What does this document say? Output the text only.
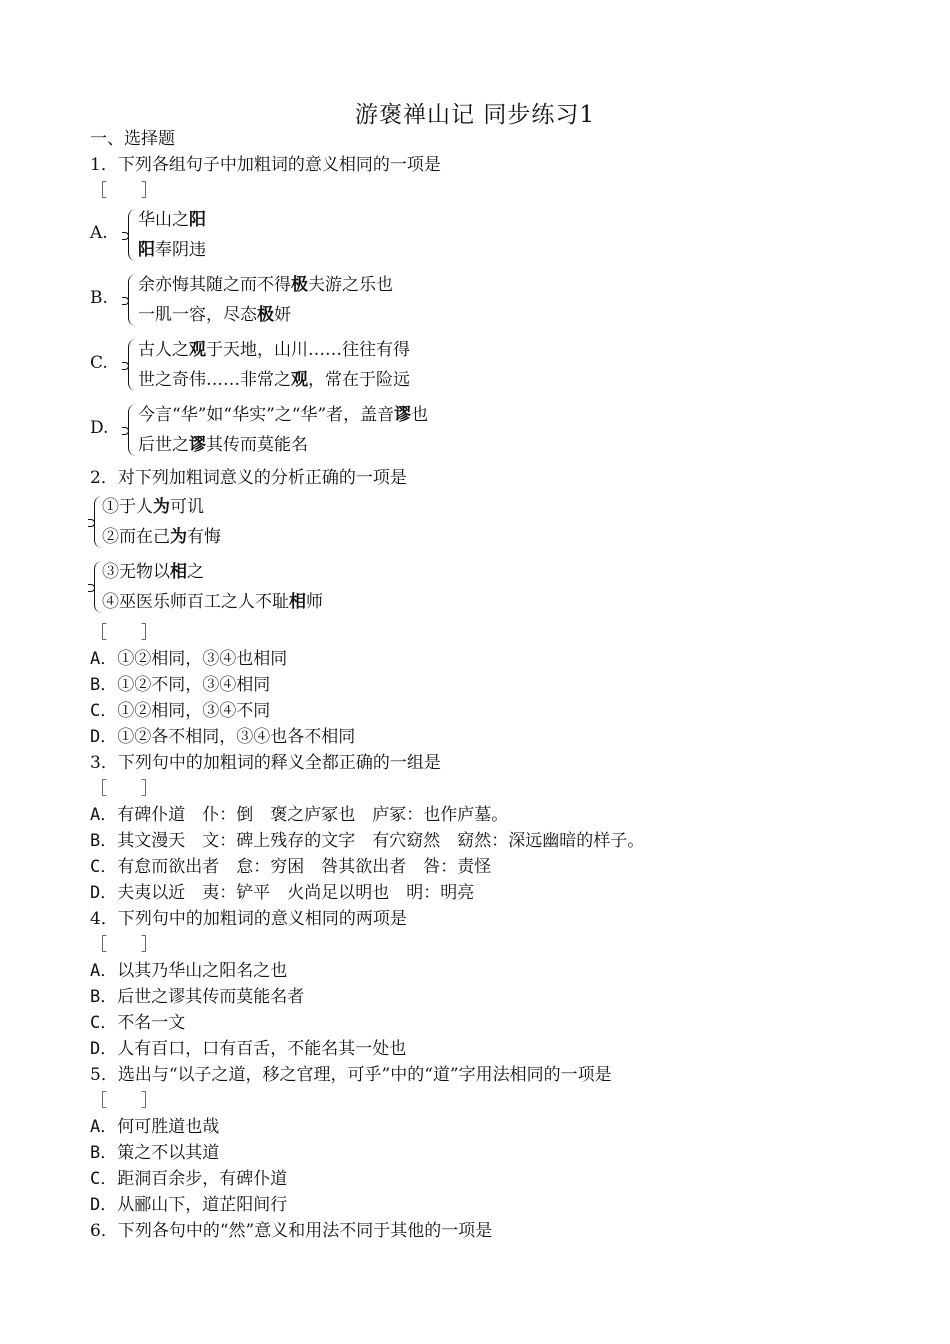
游褒禅山记 同步练习1
一、选择题
1．下列各组句子中加粗词的意义相同的一项是
［　　］
A.
华山之阳
阳奉阴违
B.
余亦悔其随之而不得极夫游之乐也
一肌一容，尽态极妍
C.
古人之观于天地，山川……往往有得
世之奇伟……非常之观，常在于险远
D.
今言“华”如“华实”之“华”者，盖音谬也
后世之谬其传而莫能名
2．对下列加粗词意义的分析正确的一项是
①于人为可讥
②而在己为有悔
③无物以相之
④巫医乐师百工之人不耻相师
［　　］
A．①②相同，③④也相同
B．①②不同，③④相同
C．①②相同，③④不同
D．①②各不相同，③④也各不相同
3．下列句中的加粗词的释义全都正确的一组是
［　　］
A．有碑仆道　仆：倒　褒之庐冢也　庐冢：也作庐墓。
B．其文漫天　文：碑上残存的文字　有穴窈然　窈然：深远幽暗的样子。
C．有怠而欲出者　怠：穷困　咎其欲出者　咎：责怪
D．夫夷以近　夷：铲平　火尚足以明也　明：明亮
4．下列句中的加粗词的意义相同的两项是
［　　］
A．以其乃华山之阳名之也
B．后世之谬其传而莫能名者
C．不名一文
D．人有百口，口有百舌，不能名其一处也
5．选出与“以子之道，移之官理，可乎”中的“道”字用法相同的一项是
［　　］
A．何可胜道也哉
B．策之不以其道
C．距洞百余步，有碑仆道
D．从郦山下，道芷阳间行
6．下列各句中的“然”意义和用法不同于其他的一项是
